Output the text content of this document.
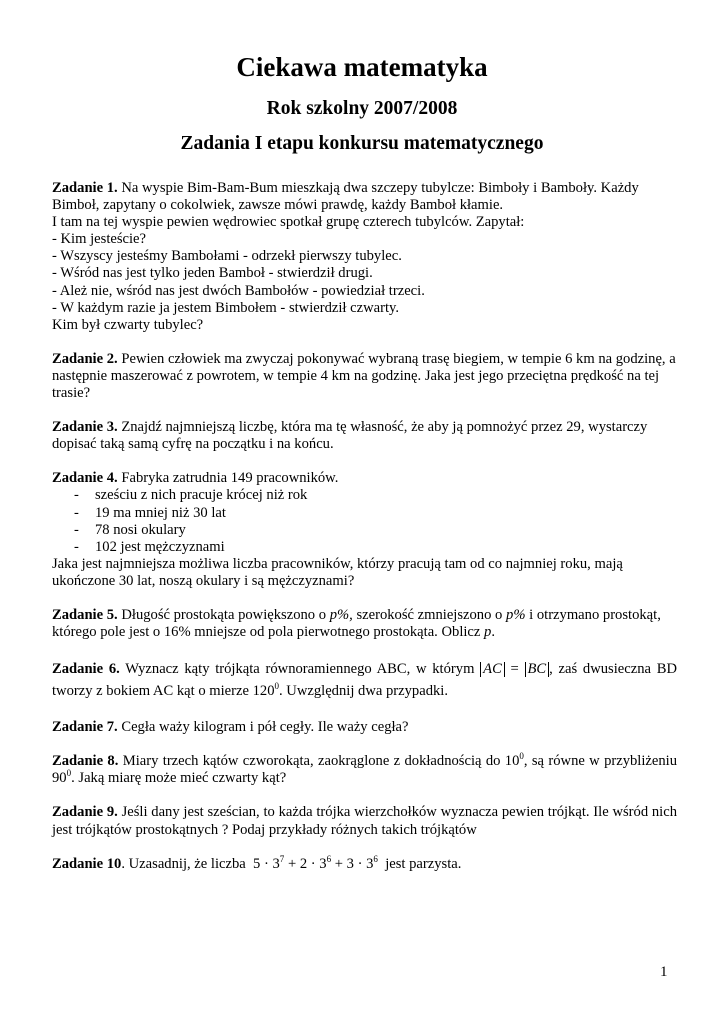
Ciekawa matematyka
Rok szkolny 2007/2008
Zadania I etapu konkursu matematycznego

Zadanie 1. Na wyspie Bim-Bam-Bum mieszkają dwa szczepy tubylcze: Bimboły i Bamboły. Każdy Bimboł, zapytany o cokolwiek, zawsze mówi prawdę, każdy Bamboł kłamie.

I tam na tej wyspie pewien wędrowiec spotkał grupę czterech tubylców. Zapytał:

- Kim jesteście?

- Wszyscy jesteśmy Bambołami - odrzekł pierwszy tubylec.

- Wśród nas jest tylko jeden Bamboł - stwierdził drugi.

- Ależ nie, wśród nas jest dwóch Bambołów - powiedział trzeci.

- W każdym razie ja jestem Bimbołem - stwierdził czwarty.

Kim był czwarty tubylec?

Zadanie 2. Pewien człowiek ma zwyczaj pokonywać wybraną trasę biegiem, w tempie 6 km na godzinę, a następnie maszerować z powrotem, w tempie 4 km na godzinę. Jaka jest jego przeciętna prędkość na tej trasie?

Zadanie 3. Znajdź najmniejszą liczbę, która ma tę własność, że aby ją pomnożyć przez 29, wystarczy dopisać taką samą cyfrę na początku i na końcu.

Zadanie 4. Fabryka zatrudnia 149 pracowników.

- sześciu z nich pracuje krócej niż rok
- 19 ma mniej niż 30 lat
- 78 nosi okulary
- 102 jest mężczyznami

Jaka jest najmniejsza możliwa liczba pracowników, którzy pracują tam od co najmniej roku, mają ukończone 30 lat, noszą okulary i są mężczyznami?

Zadanie 5. Długość prostokąta powiększono o p%, szerokość zmniejszono o p% i otrzymano prostokąt, którego pole jest o 16% mniejsze od pola pierwotnego prostokąta. Oblicz p.

Zadanie 6. Wyznacz kąty trójkąta równoramiennego ABC, w którym AC = BC , zaś dwusieczna BD tworzy z bokiem AC kąt o mierze $120^0$. Uwzględnij dwa przypadki.

Zadanie 7. Cegła waży kilogram i pół cegły. Ile waży cegła?

Zadanie 8. Miary trzech kątów czworokąta, zaokrąglone z dokładnością do $10^0$, są równe w przybliżeniu $90^0$. Jaką miarę może mieć czwarty kąt?

Zadanie 9. Jeśli dany jest sześcian, to każda trójka wierzchołków wyznacza pewien trójkąt. Ile wśród nich jest trójkątów prostokątnych ? Podaj przykłady różnych takich trójkątów

Zadanie 10. Uzasadnij, że liczba $5 \cdot 3^7 + 2 \cdot 3^6 + 3 \cdot 3^6$ jest parzysta.

1
